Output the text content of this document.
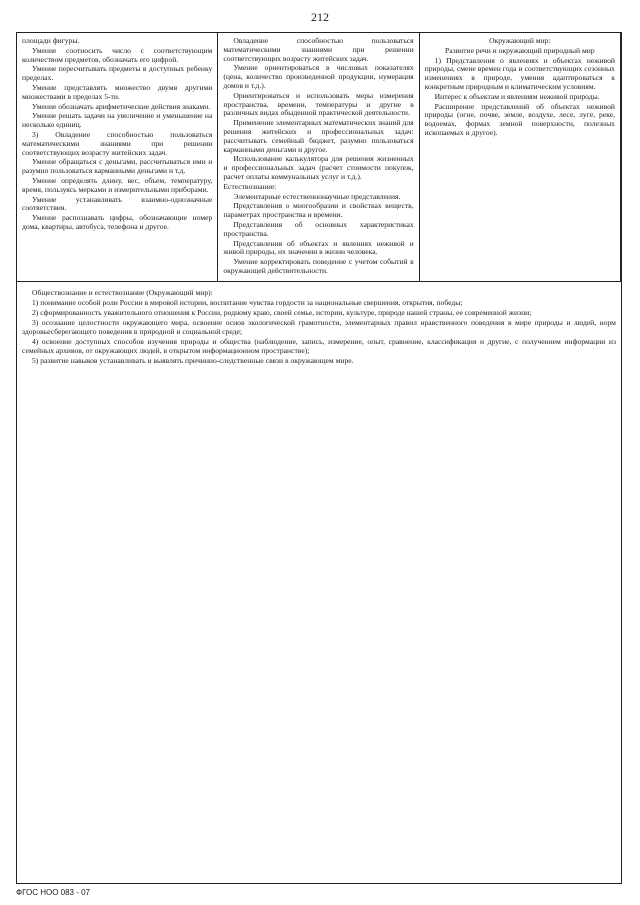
212

площади фигуры.

Умение соотносить число с соответствующим количеством предметов, обозначать его цифрой.

Умение пересчитывать предметы в доступных ребенку пределах.

Умение представлять множество двумя другими множествами в пределах 5-ти.

Умение обозначать арифметические действия знаками.

Умение решать задачи на увеличение и уменьшение на несколько единиц.

3) Овладение способностью пользоваться математическими знаниями при решении соответствующих возрасту житейских задач.

Умение обращаться с деньгами, рассчитываться ими и разумно пользоваться карманными деньгами и т.д.

Умение определять длину, вес, объем, температуру, время, пользуясь мерками и измерительными приборами.

Умение устанавливать взаимно-однозначные соответствия.

Умение распознавать цифры, обозначающие номер дома, квартиры, автобуса, телефона и другое.

Овладение способностью пользоваться математическими знаниями при решении соответствующих возрасту житейских задач.

Умение ориентироваться в числовых показателях (цена, количество произведенной продукции, нумерация домов и т.д.).

Ориентироваться и использовать меры измерения пространства, времени, температуры и другие в различных видах обыденной практической деятельности.

Применение элементарных математических знаний для решения житейских и профессиональных задач: рассчитывать семейный бюджет, разумно пользоваться карманными деньгами и другое.

Использование калькулятора для решения жизненных и профессиональных задач (расчет стоимости покупок, расчет оплаты коммунальных услуг и т.д.).

Естествознание:

Элементарные естественнонаучные представления.

Представления о многообразии и свойствах веществ, параметрах пространства и времени.

Представления об основных характеристиках пространства.

Представления об объектах и явлениях неживой и живой природы, их значении в жизни человека.

Умение корректировать поведение с учетом событий в окружающей действительности.

Окружающий мир:

Развитие речи и окружающий природный мир

1) Представления о явлениях и объектах неживой природы, смене времен года и соответствующих сезонных изменениях в природе, умения адаптироваться к конкретным природным и климатическим условиям.

Интерес к объектам и явлениям неживой природы.

Расширение представлений об объектах неживой природы (огне, почве, земле, воздухе, лесе, луге, реке, водоемах, формах земной поверхности, полезных ископаемых и другое).

Обществознание и естествознание (Окружающий мир):

1) понимание особой роли России в мировой истории, воспитание чувства гордости за национальные свершения, открытия, победы;

2) сформированность уважительного отношения к России, родному краю, своей семье, истории, культуре, природе нашей страны, ее современной жизни;

3) осознание целостности окружающего мира, освоение основ экологической грамотности, элементарных правил нравственного поведения в мире природы и людей, норм здоровьесберегающего поведения в природной и социальной среде;

4) освоение доступных способов изучения природы и общества (наблюдение, запись, измерение, опыт, сравнение, классификация и другие, с получением информации из семейных архивов, от окружающих людей, в открытом информационном пространстве);

5) развитие навыков устанавливать и выявлять причинно-следственные связи в окружающем мире.

ФГОС НОО 083 - 07
